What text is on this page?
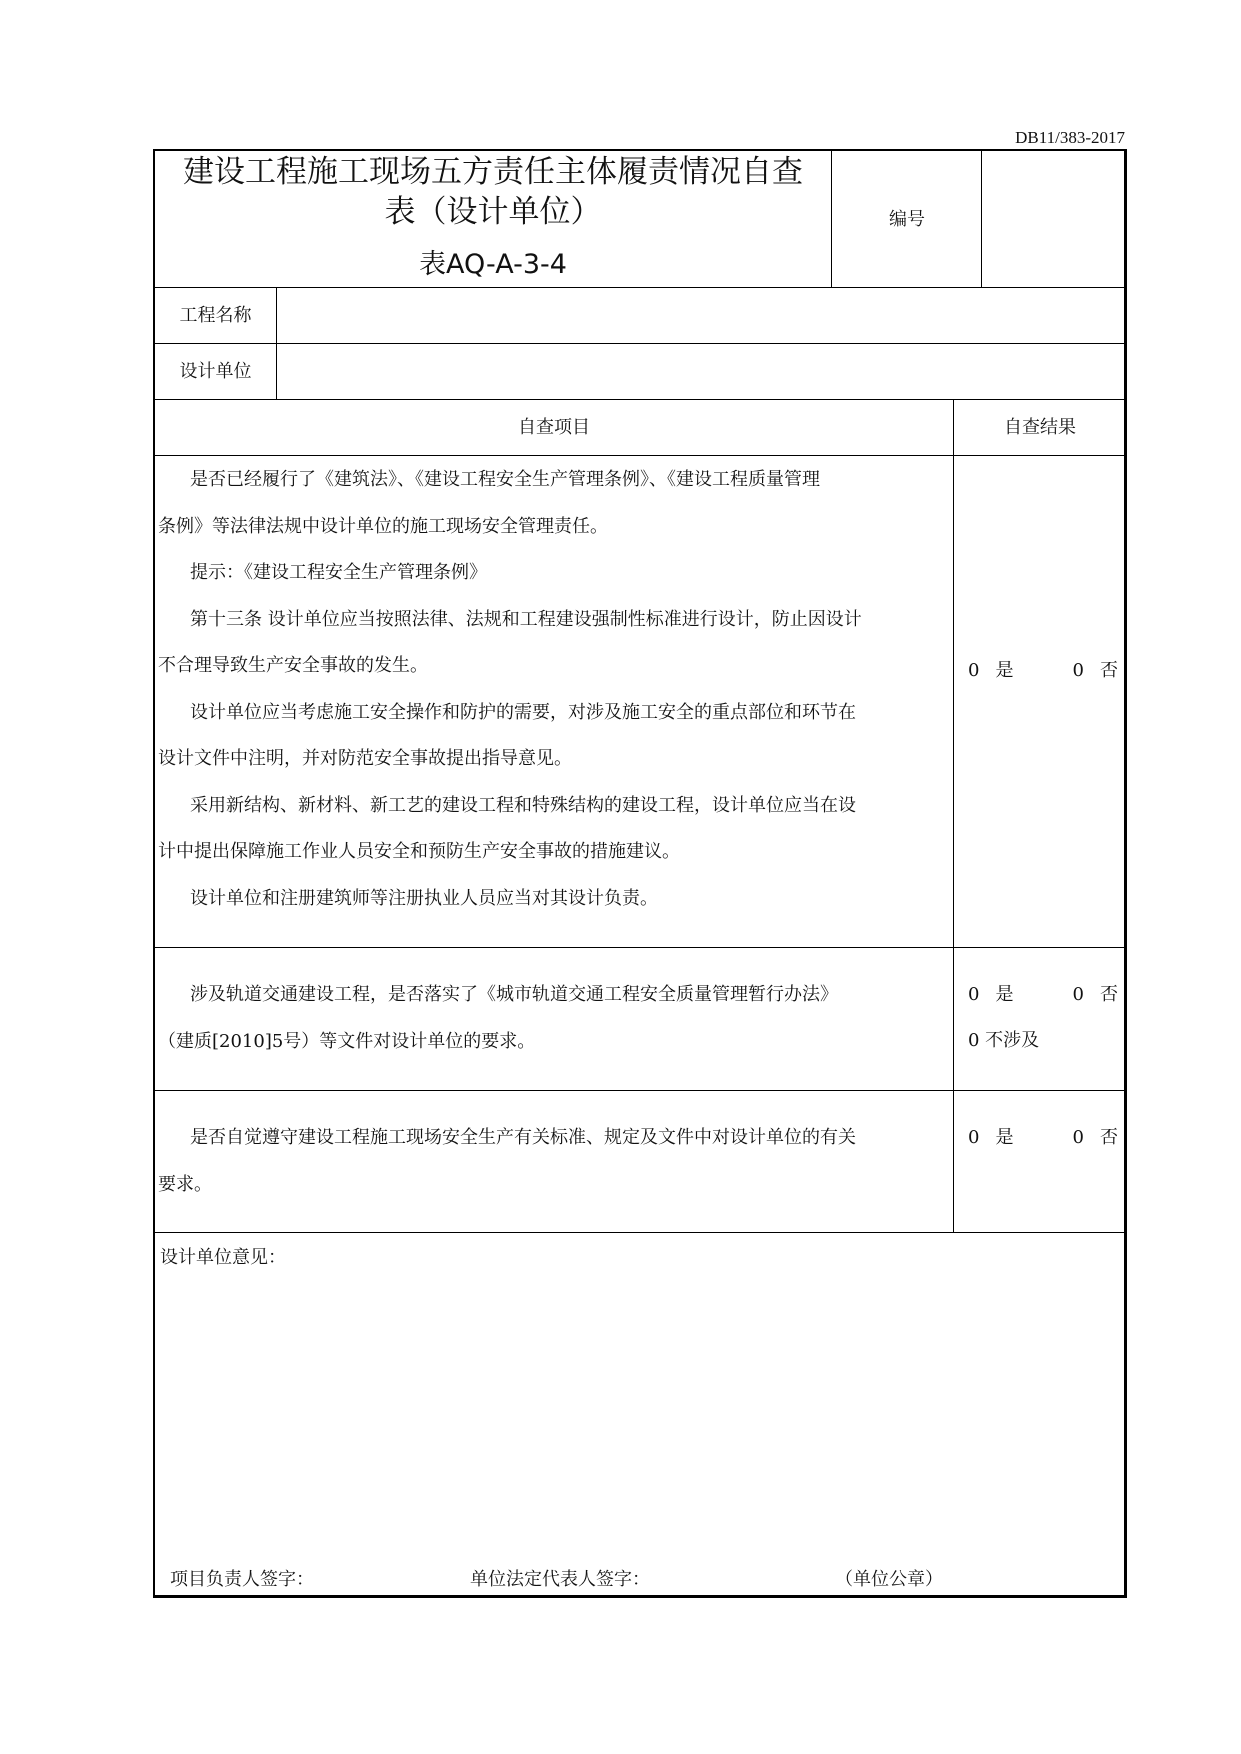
DB11/383-2017
建设工程施工现场五方责任主体履责情况自查
表（设计单位）
表AQ-A-3-4
编号
工程名称
设计单位
自查项目	自查结果

是否已经履行了《建筑法》、《建设工程安全生产管理条例》、《建设工程质量管理

条例》等法律法规中设计单位的施工现场安全管理责任。

提示：《建设工程安全生产管理条例》

第十三条 设计单位应当按照法律、法规和工程建设强制性标准进行设计，防止因设计

不合理导致生产安全事故的发生。

设计单位应当考虑施工安全操作和防护的需要，对涉及施工安全的重点部位和环节在

设计文件中注明，并对防范安全事故提出指导意见。

采用新结构、新材料、新工艺的建设工程和特殊结构的建设工程，设计单位应当在设

计中提出保障施工作业人员安全和预防生产安全事故的措施建议。

设计单位和注册建筑师等注册执业人员应当对其设计负责。

0 是	0 否

涉及轨道交通建设工程，是否落实了《城市轨道交通工程安全质量管理暂行办法》

（建质[2010]5号）等文件对设计单位的要求。

0 是	0 否
0 不涉及

是否自觉遵守建设工程施工现场安全生产有关标准、规定及文件中对设计单位的有关

要求。

0 是	0 否
设计单位意见：
项目负责人签字：	单位法定代表人签字：	（单位公章）
